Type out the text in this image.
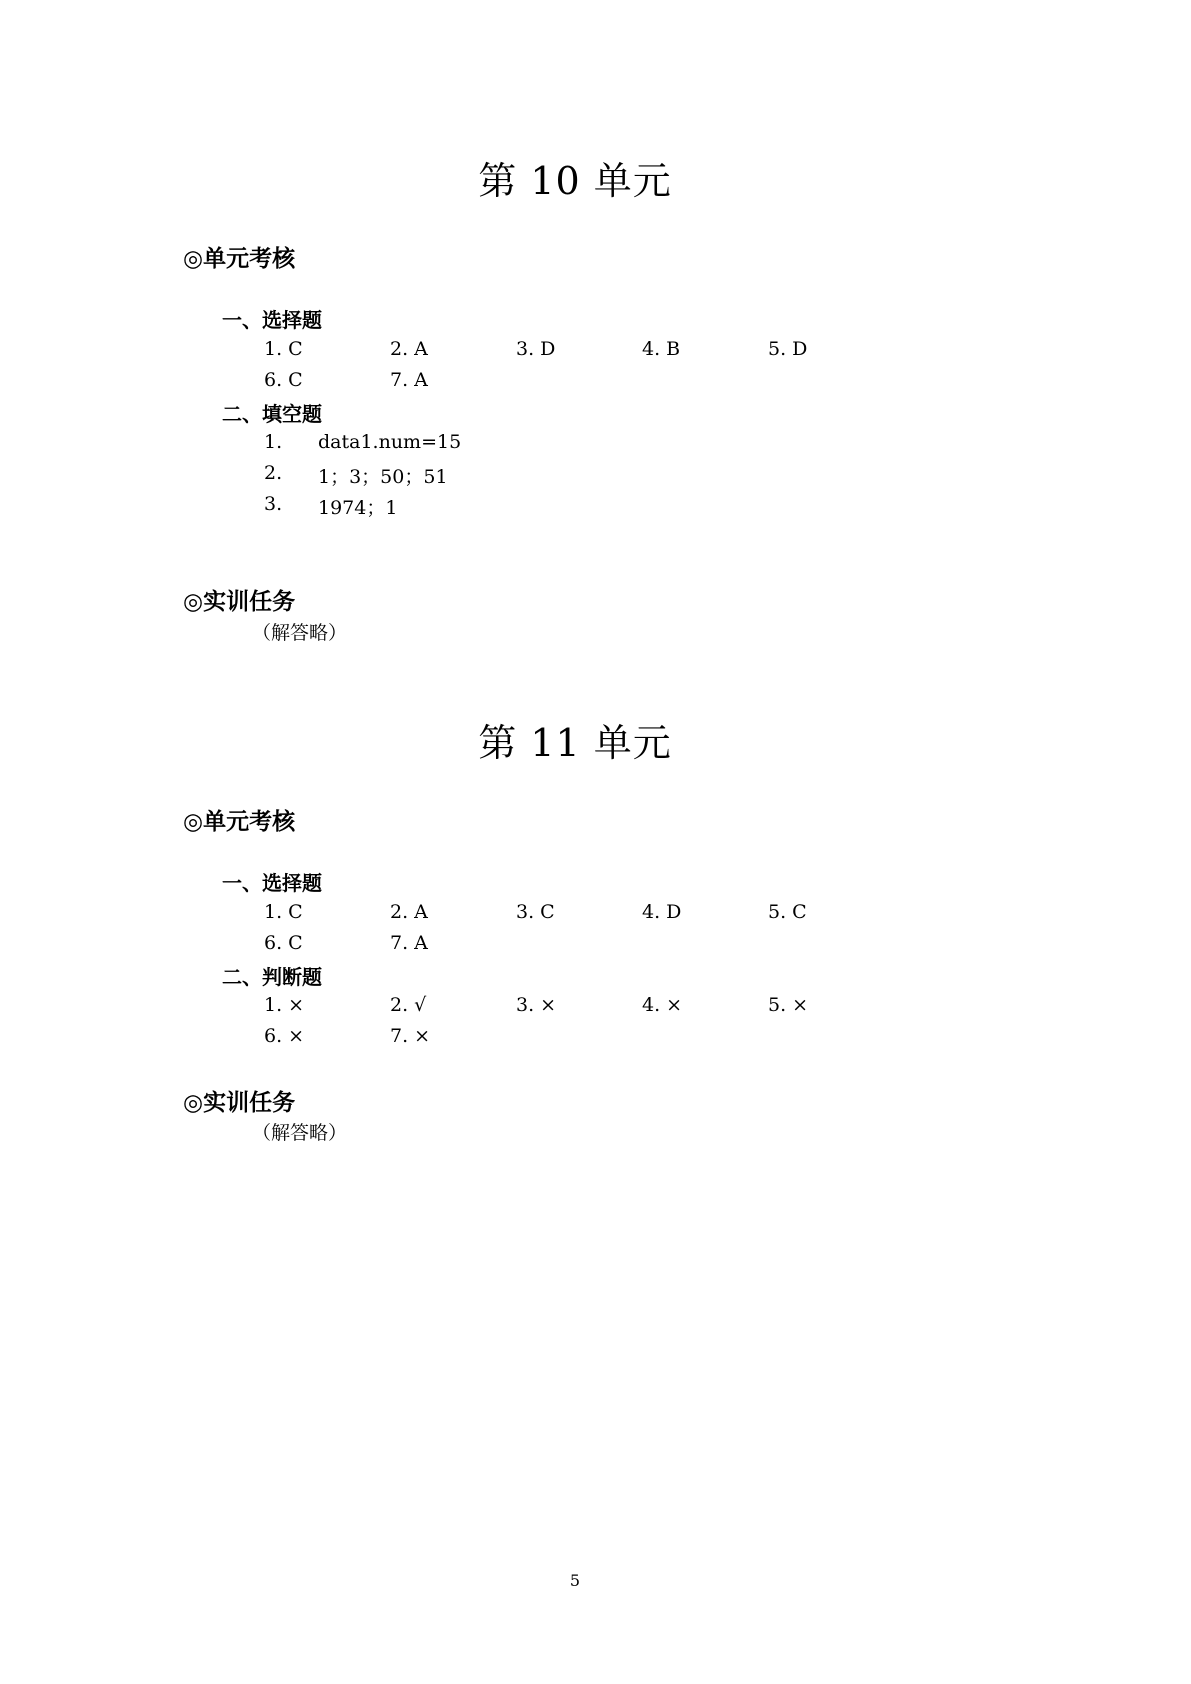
第 10 单元
◎单元考核
一、选择题
1. C	2. A	3. D	4. B	5. D
6. C	7. A
二、填空题
1. data1.num=15
2. 1；3；50；51
3. 1974；1
◎实训任务
（解答略）
第 11 单元
◎单元考核
一、选择题
1. C	2. A	3. C	4. D	5. C
6. C	7. A
二、判断题
1. ×	2. √	3. ×	4. ×	5. ×
6. ×	7. ×
◎实训任务
（解答略）
5
